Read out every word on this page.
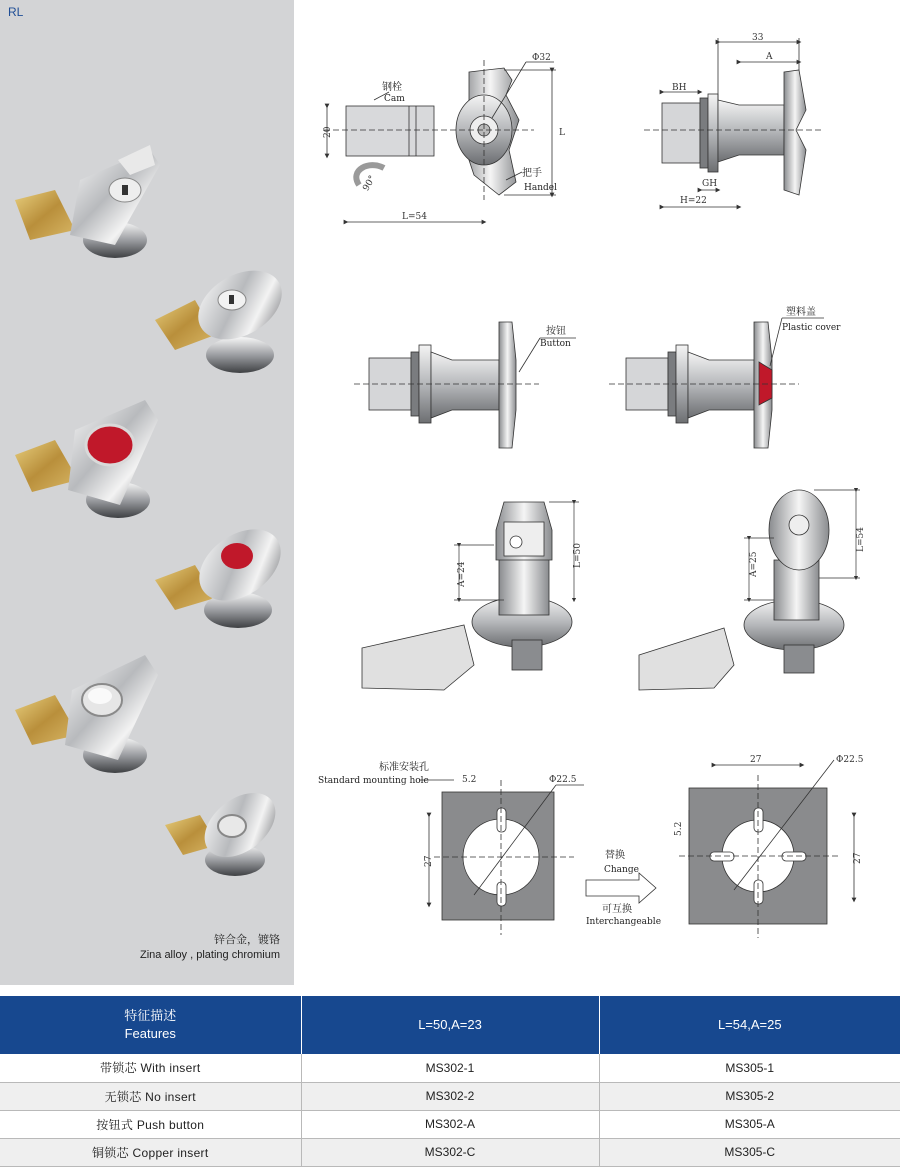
RL
锌合金，镀铬
Zina alloy , plating chromium
钢栓
Cam
把手
Handel
Φ32
L
L=54
20
90°
33
A
BH
GH
H=22
按钮
Button
塑料盖
Plastic cover
A=24
L=50	A=25
L=54
标准安装孔
Standard mounting hole	5.2	Φ22.5
27
替换
Change
可互换
Interchangeable
27	Φ22.5
5.2
27
特征描述
Features	L=50,A=23	L=54,A=25
带锁芯 With insert	MS302-1	MS305-1
无锁芯 No insert	MS302-2	MS305-2
按钮式 Push button	MS302-A	MS305-A
铜锁芯 Copper insert	MS302-C	MS305-C
